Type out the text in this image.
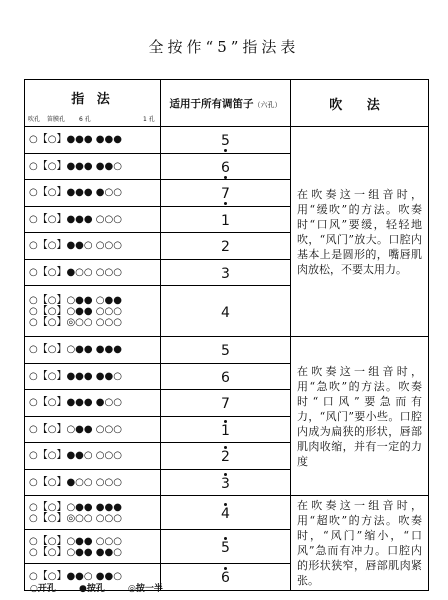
全按作“5”指法表
指 法
吹孔 笛膜孔 6 孔 1 孔	适用于所有调笛子（六孔）	吹 法

○【○】●●● ●●●	5	在吹奏这一组音时，用“缓吹”的方法。吹奏时“口风”要缓，轻轻地吹，“风门”放大。口腔内基本上是圆形的，嘴唇肌肉放松，不要太用力。

○【○】●●● ●●○	6	

○【○】●●● ●○○	7	

○【○】●●● ○○○	1	

○【○】●●○ ○○○	2	

○【○】●○○ ○○○	3	

○【○】○●● ○●●
○【○】○●● ○○○
○【○】◎○○ ○○○	4	

○【○】○●● ●●●	5	在吹奏这一组音时，用“急吹”的方法。吹奏时“口风”要急而有力，“风门”要小些。口腔内成为扁狭的形状，唇部肌肉收缩，并有一定的力度

○【○】●●● ●●○	6	

○【○】●●● ●○○	7	

○【○】○●● ○○○	1	

○【○】●●○ ○○○	2	

○【○】●○○ ○○○	3	

○【○】○●● ●●●
○【○】◎○○ ○○○	4	在吹奏这一组音时，用“超吹”的方法。吹奏时，“风门”缩小，“口风”急而有冲力。口腔内的形状狭窄，唇部肌肉紧张。

○【○】○●● ○○○
○【○】○●● ●●○	5	

○【○】●●○ ●●○	6	
○开孔	●按孔	◎按一半
